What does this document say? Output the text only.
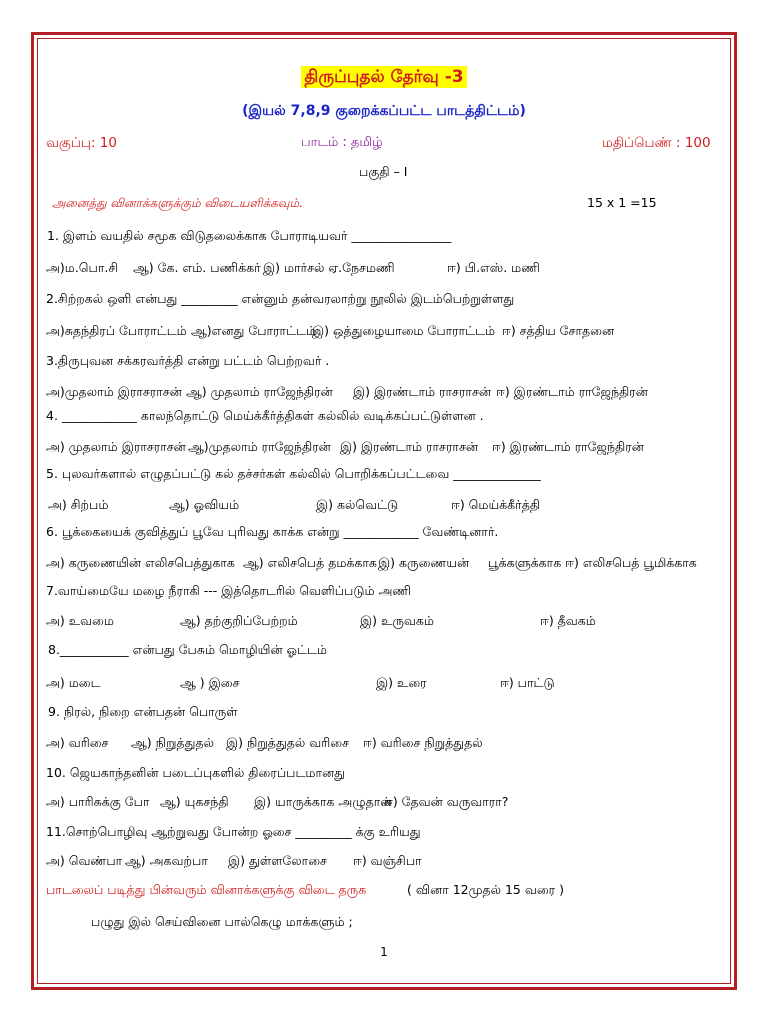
திருப்புதல் தேர்வு -3
(இயல் 7,8,9 குறைக்கப்பட்ட பாடத்திட்டம்)
வகுப்பு: 10	பாடம் : தமிழ்	மதிப்பெண் : 100
பகுதி – I
அனைத்து வினாக்களுக்கும் விடையளிக்கவும்.	15 x 1 =15
1. இளம் வயதில் சமூக விடுதலைக்காக போராடியவர் ________________
அ)ம.பொ.சி ஆ) கே. எம். பணிக்கர் இ) மார்சல் ஏ.நேசமணி	ஈ) பி.எஸ். மணி
2.சிற்றகல் ஒளி என்பது _________ என்னும் தன்வரலாற்று நூலில் இடம்பெற்றுள்ளது
அ)சுதந்திரப் போராட்டம் ஆ)எனது போராட்டம்
இ) ஒத்துழையாமை போராட்டம் ஈ) சத்திய சோதனை
3.திருபுவன சக்கரவர்த்தி என்று பட்டம் பெற்றவர் .
அ)முதலாம் இராசராசன் ஆ) முதலாம் ராஜேந்திரன் இ) இரண்டாம் ராசராசன் ஈ) இரண்டாம் ராஜேந்திரன்
4. ____________ காலந்தொட்டு மெய்க்கீர்த்திகள் கல்லில் வடிக்கப்பட்டுள்ளன .
அ) முதலாம் இராசராசன் ஆ)முதலாம் ராஜேந்திரன் இ) இரண்டாம் ராசராசன் ஈ) இரண்டாம் ராஜேந்திரன்
5. புலவர்களால் எழுதப்பட்டு கல் தச்சர்கள் கல்லில் பொறிக்கப்பட்டவை ______________
அ) சிற்பம்	ஆ) ஓவியம்	இ) கல்வெட்டு	ஈ) மெய்க்கீர்த்தி
6. பூக்கையைக் குவித்துப் பூவே புரிவது காக்க என்று ____________ வேண்டினார்.
அ) கருணையின் எலிசபெத்துகாக ஆ) எலிசபெத் தமக்காக இ) கருணையன் பூக்களுக்காக ஈ) எலிசபெத் பூமிக்காக
7.வாய்மையே மழை நீராகி --- இத்தொடரில் வெளிப்படும் அணி
அ) உவமை	ஆ) தற்குறிப்பேற்றம்	இ) உருவகம்	ஈ) தீவகம்
8.___________ என்பது பேசும் மொழியின் ஓட்டம்
அ) மடை	ஆ ) இசை	இ) உரை	ஈ) பாட்டு
9. நிரல், நிறை என்பதன் பொருள்
அ) வரிசை ஆ) நிறுத்துதல் இ) நிறுத்துதல் வரிசை ஈ) வரிசை நிறுத்துதல்
10. ஜெயகாந்தனின் படைப்புகளில் திரைப்படமானது
அ) பாரிசுக்கு போ ஆ) யுகசந்தி இ) யாருக்காக அழுதான்
ஈ) தேவன் வருவாரா?
11.சொற்பொழிவு ஆற்றுவது போன்ற ஓசை _________ க்கு உரியது
அ) வெண்பா ஆ) அகவற்பா இ) துள்ளலோசை ஈ) வஞ்சிபா
பாடலைப் படித்து பின்வரும் வினாக்களுக்கு விடை தருக	( வினா 12முதல் 15 வரை )
பழுது இல் செய்வினை பால்கெழு மாக்களும் ;
1
